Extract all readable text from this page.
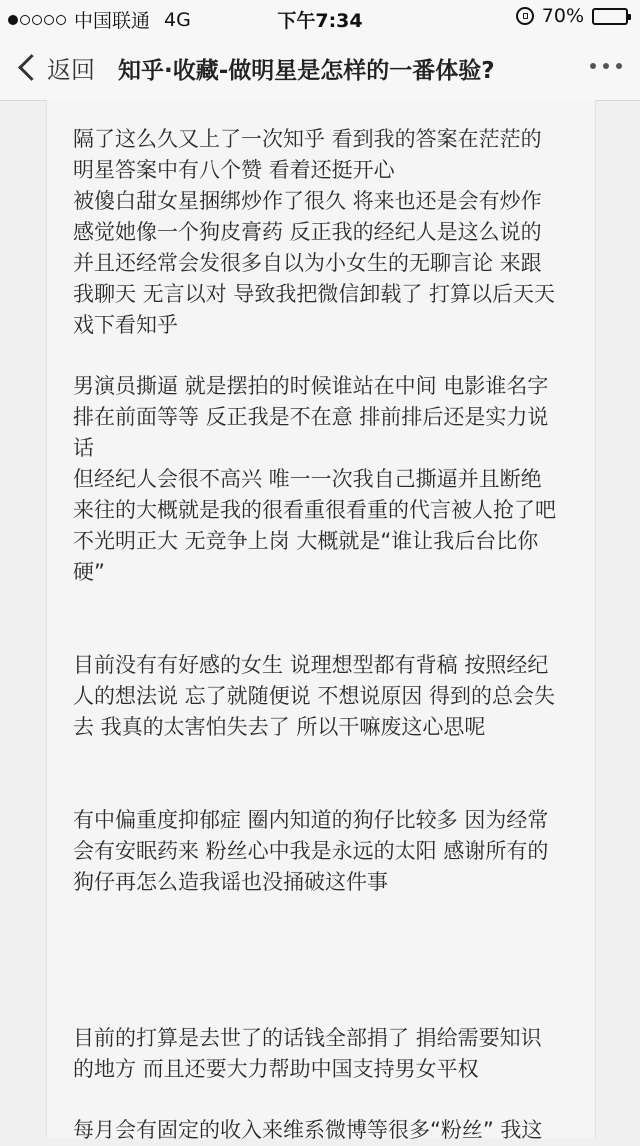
中国联通 4G	下午7:34	70%
返回 知乎·收藏-做明星是怎样的一番体验?
隔了这么久又上了一次知乎 看到我的答案在茫茫的
明星答案中有八个赞 看着还挺开心
被傻白甜女星捆绑炒作了很久 将来也还是会有炒作
感觉她像一个狗皮膏药 反正我的经纪人是这么说的
并且还经常会发很多自以为小女生的无聊言论 来跟
我聊天 无言以对 导致我把微信卸载了 打算以后天天
戏下看知乎
男演员撕逼 就是摆拍的时候谁站在中间 电影谁名字
排在前面等等 反正我是不在意 排前排后还是实力说
话
但经纪人会很不高兴 唯一一次我自己撕逼并且断绝
来往的大概就是我的很看重很看重的代言被人抢了吧
不光明正大 无竞争上岗 大概就是“谁让我后台比你
硬”
目前没有有好感的女生 说理想型都有背稿 按照经纪
人的想法说 忘了就随便说 不想说原因 得到的总会失
去 我真的太害怕失去了 所以干嘛废这心思呢
有中偏重度抑郁症 圈内知道的狗仔比较多 因为经常
会有安眠药来 粉丝心中我是永远的太阳 感谢所有的
狗仔再怎么造我谣也没捅破这件事
目前的打算是去世了的话钱全部捐了 捐给需要知识
的地方 而且还要大力帮助中国支持男女平权
每月会有固定的收入来维系微博等很多“粉丝” 我这
